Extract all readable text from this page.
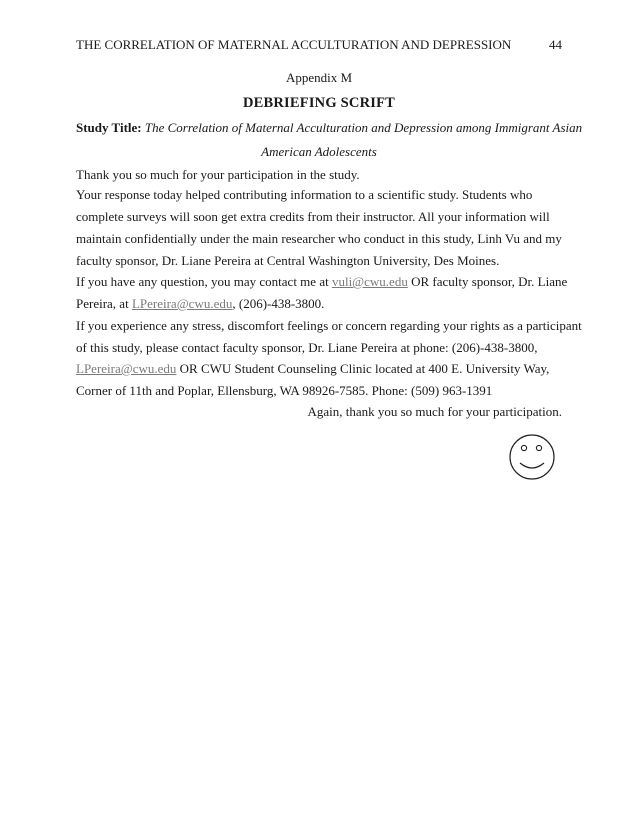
THE CORRELATION OF MATERNAL ACCULTURATION AND DEPRESSION	44
Appendix M
DEBRIEFING SCRIFT
Study Title: The Correlation of Maternal Acculturation and Depression among Immigrant Asian
American Adolescents
Thank you so much for your participation in the study.
Your response today helped contributing information to a scientific study. Students who
complete surveys will soon get extra credits from their instructor. All your information will
maintain confidentially under the main researcher who conduct in this study, Linh Vu and my
faculty sponsor, Dr. Liane Pereira at Central Washington University, Des Moines.
If you have any question, you may contact me at vuli@cwu.edu OR faculty sponsor, Dr. Liane
Pereira, at LPereira@cwu.edu, (206)-438-3800.
If you experience any stress, discomfort feelings or concern regarding your rights as a participant
of this study, please contact faculty sponsor, Dr. Liane Pereira at phone: (206)-438-3800,
LPereira@cwu.edu OR CWU Student Counseling Clinic located at 400 E. University Way,
Corner of 11th and Poplar, Ellensburg, WA 98926-7585. Phone: (509) 963-1391
Again, thank you so much for your participation.
